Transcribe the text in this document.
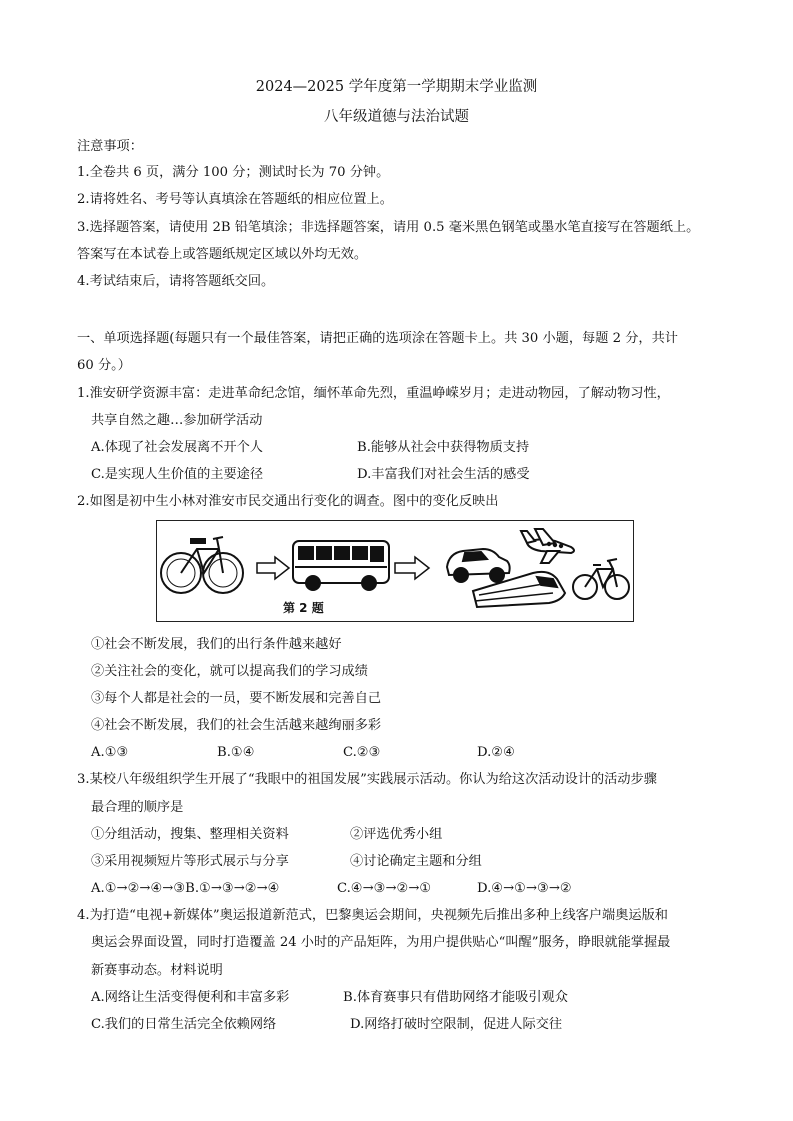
2024—2025 学年度第一学期期末学业监测
八年级道德与法治试题
注意事项：
1.全卷共 6 页，满分 100 分；测试时长为 70 分钟。
2.请将姓名、考号等认真填涂在答题纸的相应位置上。
3.选择题答案，请使用 2B 铅笔填涂；非选择题答案，请用 0.5 毫米黑色钢笔或墨水笔直接写在答题纸上。
答案写在本试卷上或答题纸规定区域以外均无效。
4.考试结束后，请将答题纸交回。
一、单项选择题(每题只有一个最佳答案，请把正确的选项涂在答题卡上。共 30 小题，每题 2 分，共计
60 分。）
1.淮安研学资源丰富：走进革命纪念馆，缅怀革命先烈，重温峥嵘岁月；走进动物园，了解动物习性，
共享自然之趣…参加研学活动
A.体现了社会发展离不开个人	B.能够从社会中获得物质支持
C.是实现人生价值的主要途径	D.丰富我们对社会生活的感受
2.如图是初中生小林对淮安市民交通出行变化的调查。图中的变化反映出
第 2 题
①社会不断发展，我们的出行条件越来越好
②关注社会的变化，就可以提高我们的学习成绩
③每个人都是社会的一员，要不断发展和完善自己
④社会不断发展，我们的社会生活越来越绚丽多彩
A.①③	B.①④	C.②③	D.②④
3.某校八年级组织学生开展了“我眼中的祖国发展”实践展示活动。你认为给这次活动设计的活动步骤
最合理的顺序是
①分组活动，搜集、整理相关资料	②评选优秀小组
③采用视频短片等形式展示与分享	④讨论确定主题和分组
A.①→②→④→③B.①→③→②→④	C.④→③→②→①	D.④→①→③→②
4.为打造“电视+新媒体”奥运报道新范式，巴黎奥运会期间，央视频先后推出多种上线客户端奥运版和
奥运会界面设置，同时打造覆盖 24 小时的产品矩阵，为用户提供贴心“叫醒”服务，睁眼就能掌握最
新赛事动态。材料说明
A.网络让生活变得便利和丰富多彩	B.体育赛事只有借助网络才能吸引观众
C.我们的日常生活完全依赖网络	D.网络打破时空限制，促进人际交往
